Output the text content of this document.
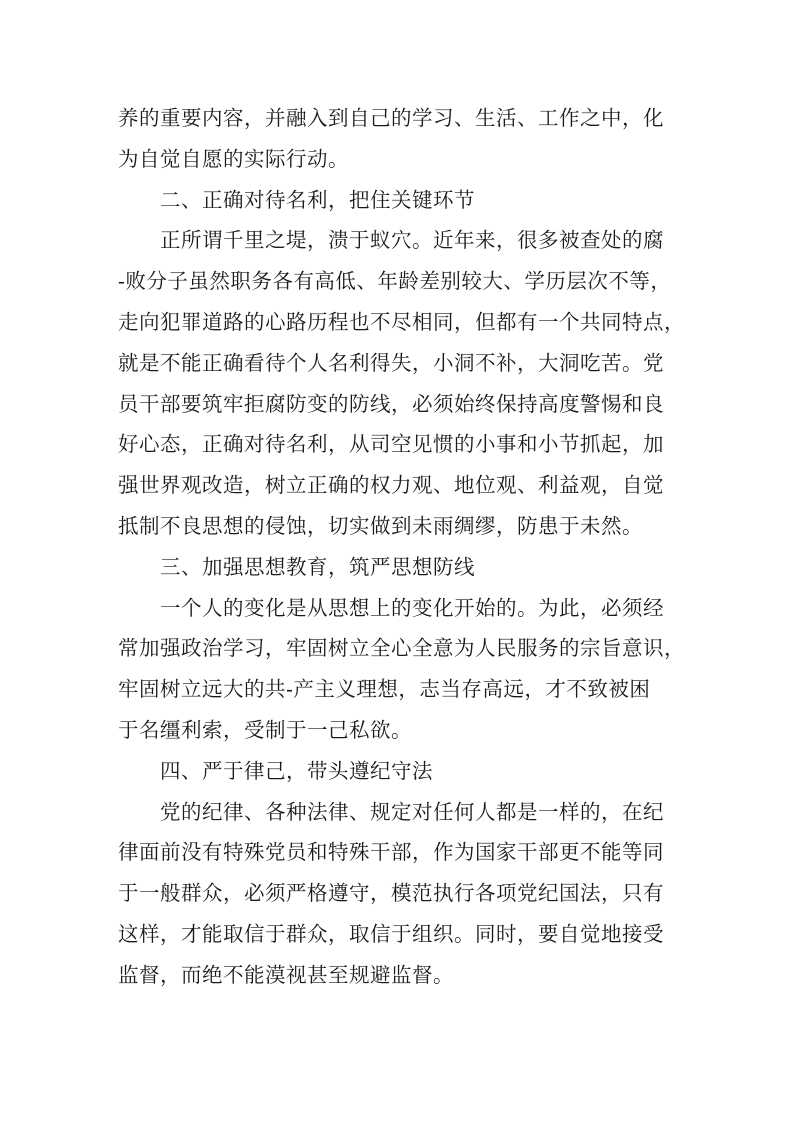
养的重要内容，并融入到自己的学习、生活、工作之中，化
为自觉自愿的实际行动。
二、正确对待名利，把住关键环节
正所谓千里之堤，溃于蚁穴。近年来，很多被查处的腐
-败分子虽然职务各有高低、年龄差别较大、学历层次不等，
走向犯罪道路的心路历程也不尽相同，但都有一个共同特点，
就是不能正确看待个人名利得失，小洞不补，大洞吃苦。党
员干部要筑牢拒腐防变的防线，必须始终保持高度警惕和良
好心态，正确对待名利，从司空见惯的小事和小节抓起，加
强世界观改造，树立正确的权力观、地位观、利益观，自觉
抵制不良思想的侵蚀，切实做到未雨绸缪，防患于未然。
三、加强思想教育，筑严思想防线
一个人的变化是从思想上的变化开始的。为此，必须经
常加强政治学习，牢固树立全心全意为人民服务的宗旨意识，
牢固树立远大的共-产主义理想，志当存高远，才不致被困
于名缰利索，受制于一己私欲。
四、严于律己，带头遵纪守法
党的纪律、各种法律、规定对任何人都是一样的，在纪
律面前没有特殊党员和特殊干部，作为国家干部更不能等同
于一般群众，必须严格遵守，模范执行各项党纪国法，只有
这样，才能取信于群众，取信于组织。同时，要自觉地接受
监督，而绝不能漠视甚至规避监督。
